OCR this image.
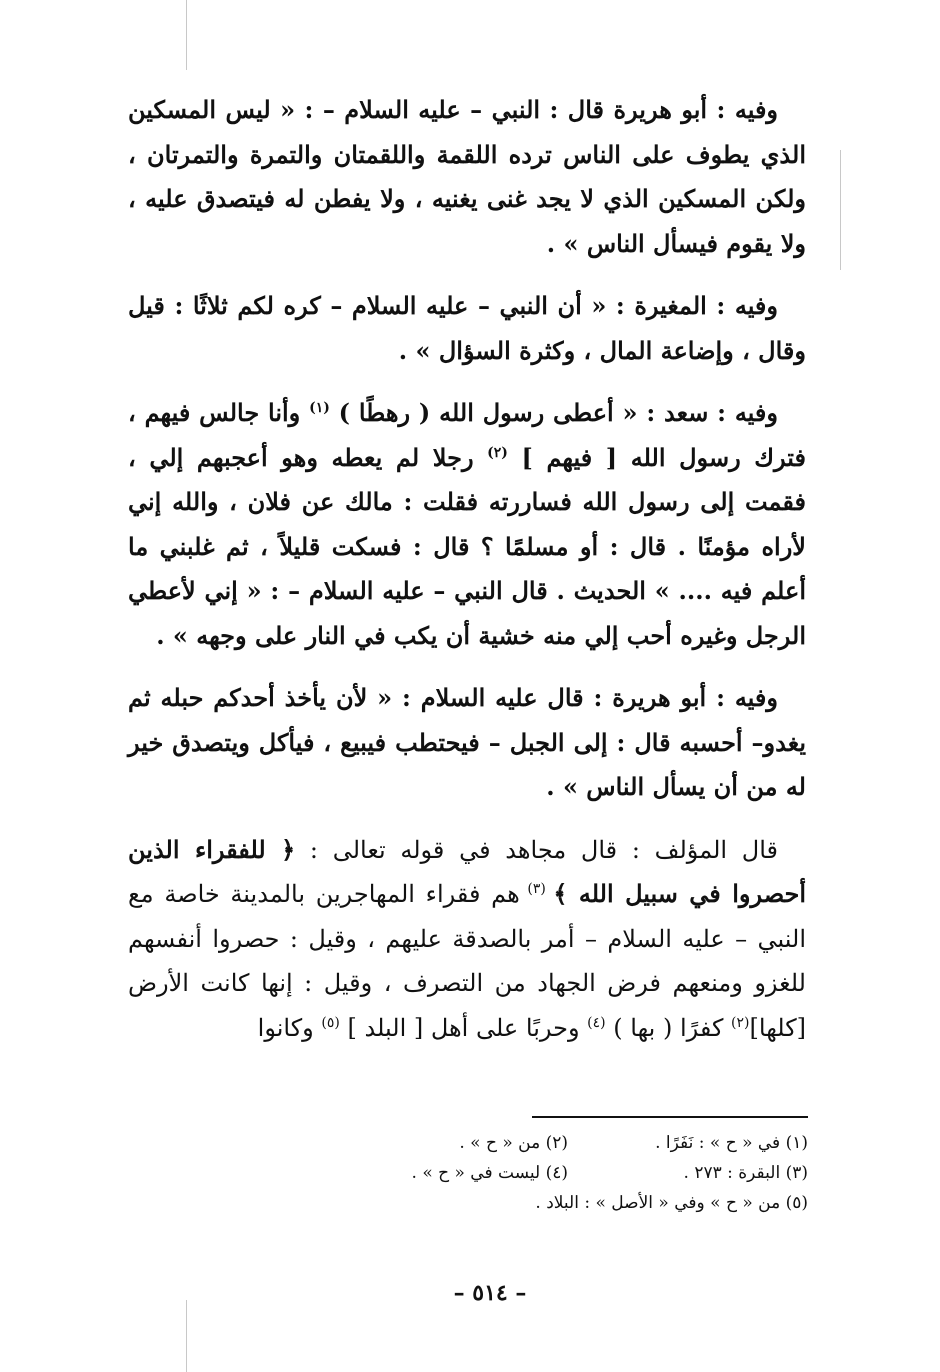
وفيه : أبو هريرة قال : النبي – عليه السلام – : « ليس المسكين الذي يطوف على الناس ترده اللقمة واللقمتان والتمرة والتمرتان ، ولكن المسكين الذي لا يجد غنى يغنيه ، ولا يفطن له فيتصدق عليه ، ولا يقوم فيسأل الناس » .

وفيه : المغيرة : « أن النبي – عليه السلام – كره لكم ثلاثًا : قيل وقال ، وإضاعة المال ، وكثرة السؤال » .

وفيه : سعد : « أعطى رسول الله ( رهطًا ) $^{(١)}$ وأنا جالس فيهم ، فترك رسول الله [ فيهم ] $^{(٢)}$ رجلا لم يعطه وهو أعجبهم إلي ، فقمت إلى رسول الله فساررته فقلت : مالك عن فلان ، والله إني لأراه مؤمنًا . قال : أو مسلمًا ؟ قال : فسكت قليلاً ، ثم غلبني ما أعلم فيه .... » الحديث . قال النبي – عليه السلام – : « إني لأعطي الرجل وغيره أحب إلي منه خشية أن يكب في النار على وجهه » .

وفيه : أبو هريرة : قال عليه السلام : « لأن يأخذ أحدكم حبله ثم يغدو– أحسبه قال : إلى الجبل – فيحتطب فيبيع ، فيأكل ويتصدق خير له من أن يسأل الناس » .

قال المؤلف : قال مجاهد في قوله تعالى : ﴿ للفقراء الذين أحصروا في سبيل الله ﴾ $^{(٣)}$ هم فقراء المهاجرين بالمدينة خاصة مع النبي – عليه السلام – أمر بالصدقة عليهم ، وقيل : حصروا أنفسهم للغزو ومنعهم فرض الجهاد من التصرف ، وقيل : إنها كانت الأرض [كلها]$^{(٢)}$ كفرًا ( بها ) $^{(٤)}$ وحربًا على أهل [ البلد ] $^{(٥)}$ وكانوا

(١) في « ح » : نَفَرًا .
(٢) من « ح » .
(٣) البقرة : ٢٧٣ .
(٤) ليست في « ح » .
(٥) من « ح » وفي « الأصل » : البلاد .
– ٥١٤ –
